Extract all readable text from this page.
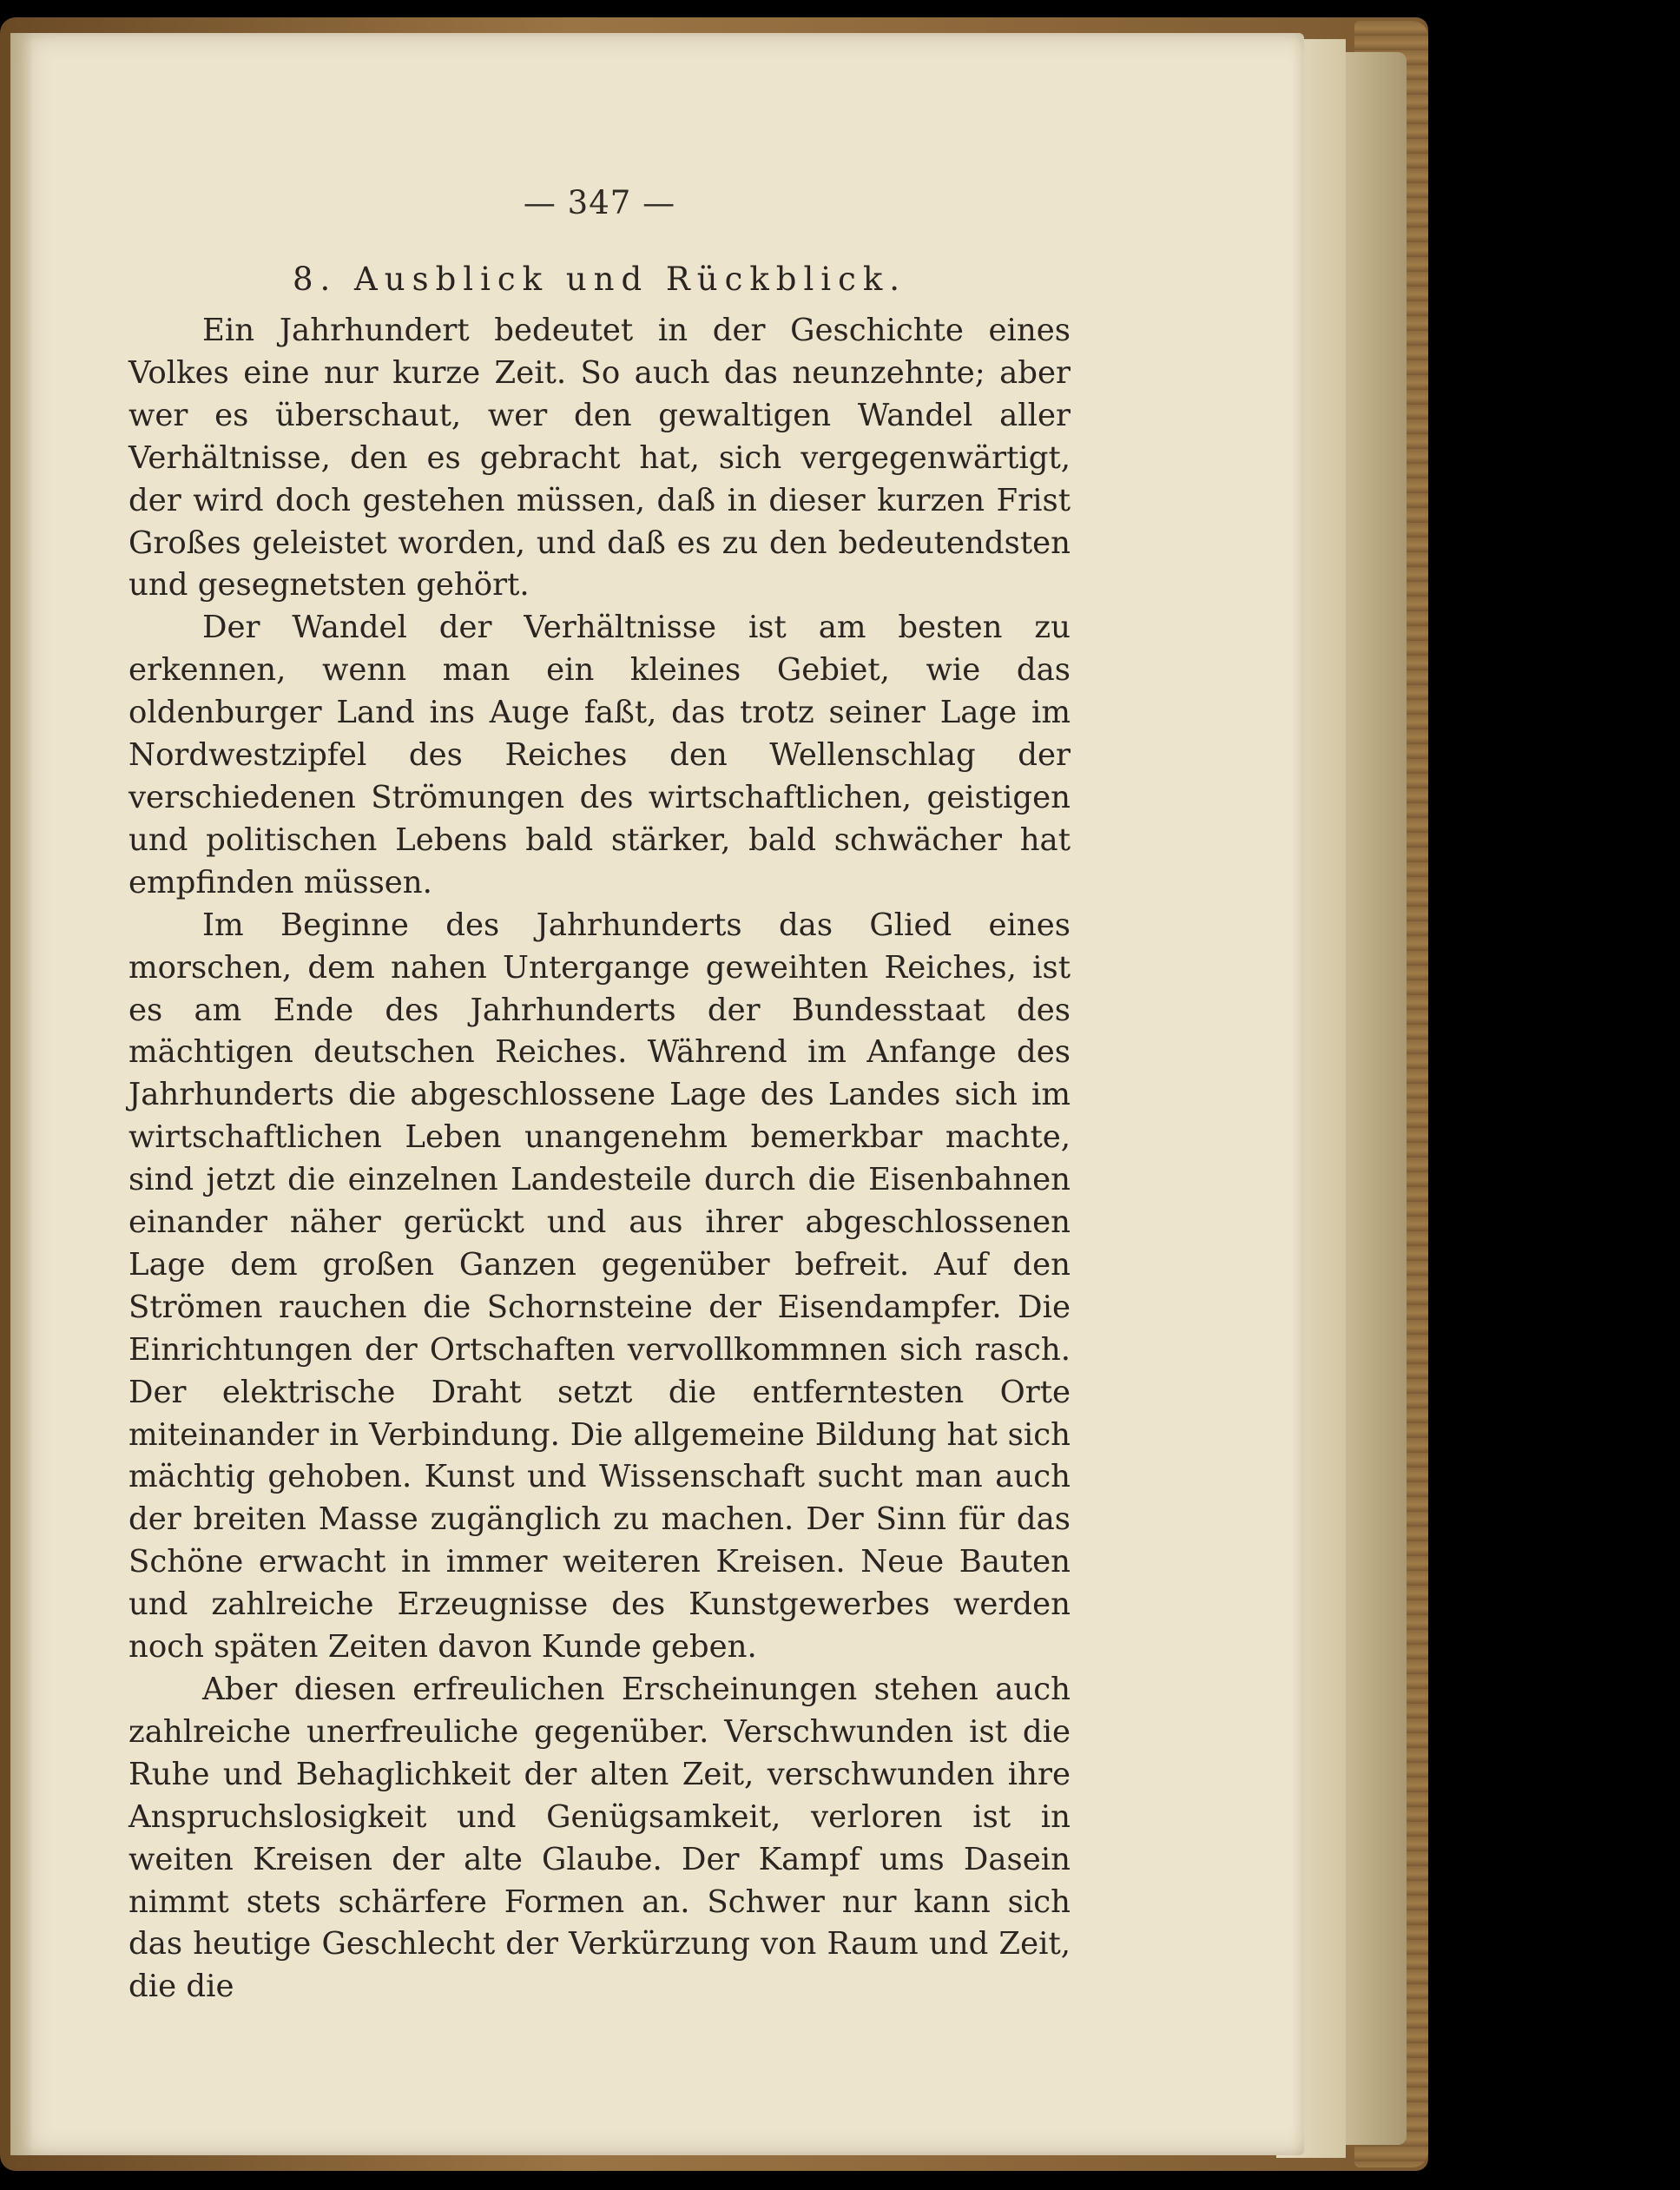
— 347 —
8. Ausblick und Rückblick.

Ein Jahrhundert bedeutet in der Geschichte eines Volkes eine nur kurze Zeit. So auch das neunzehnte; aber wer es überschaut, wer den gewaltigen Wandel aller Verhältnisse, den es gebracht hat, sich vergegenwärtigt, der wird doch gestehen müssen, daß in dieser kurzen Frist Großes geleistet worden, und daß es zu den bedeutendsten und gesegnetsten gehört.

Der Wandel der Verhältnisse ist am besten zu erkennen, wenn man ein kleines Gebiet, wie das oldenburger Land ins Auge faßt, das trotz seiner Lage im Nordwestzipfel des Reiches den Wellenschlag der verschiedenen Strömungen des wirtschaftlichen, geistigen und politischen Lebens bald stärker, bald schwächer hat empfinden müssen.

Im Beginne des Jahrhunderts das Glied eines morschen, dem nahen Untergange geweihten Reiches, ist es am Ende des Jahrhunderts der Bundesstaat des mächtigen deutschen Reiches. Während im Anfange des Jahrhunderts die abgeschlossene Lage des Landes sich im wirtschaftlichen Leben unangenehm bemerkbar machte, sind jetzt die einzelnen Landesteile durch die Eisenbahnen einander näher gerückt und aus ihrer abgeschlossenen Lage dem großen Ganzen gegenüber befreit. Auf den Strömen rauchen die Schornsteine der Eisendampfer. Die Einrichtungen der Ortschaften vervollkommnen sich rasch. Der elektrische Draht setzt die entferntesten Orte miteinander in Verbindung. Die allgemeine Bildung hat sich mächtig gehoben. Kunst und Wissenschaft sucht man auch der breiten Masse zugänglich zu machen. Der Sinn für das Schöne erwacht in immer weiteren Kreisen. Neue Bauten und zahlreiche Erzeugnisse des Kunstgewerbes werden noch späten Zeiten davon Kunde geben.

Aber diesen erfreulichen Erscheinungen stehen auch zahlreiche unerfreuliche gegenüber. Verschwunden ist die Ruhe und Behaglichkeit der alten Zeit, verschwunden ihre Anspruchslosigkeit und Genügsamkeit, verloren ist in weiten Kreisen der alte Glaube. Der Kampf ums Dasein nimmt stets schärfere Formen an. Schwer nur kann sich das heutige Geschlecht der Verkürzung von Raum und Zeit, die die
